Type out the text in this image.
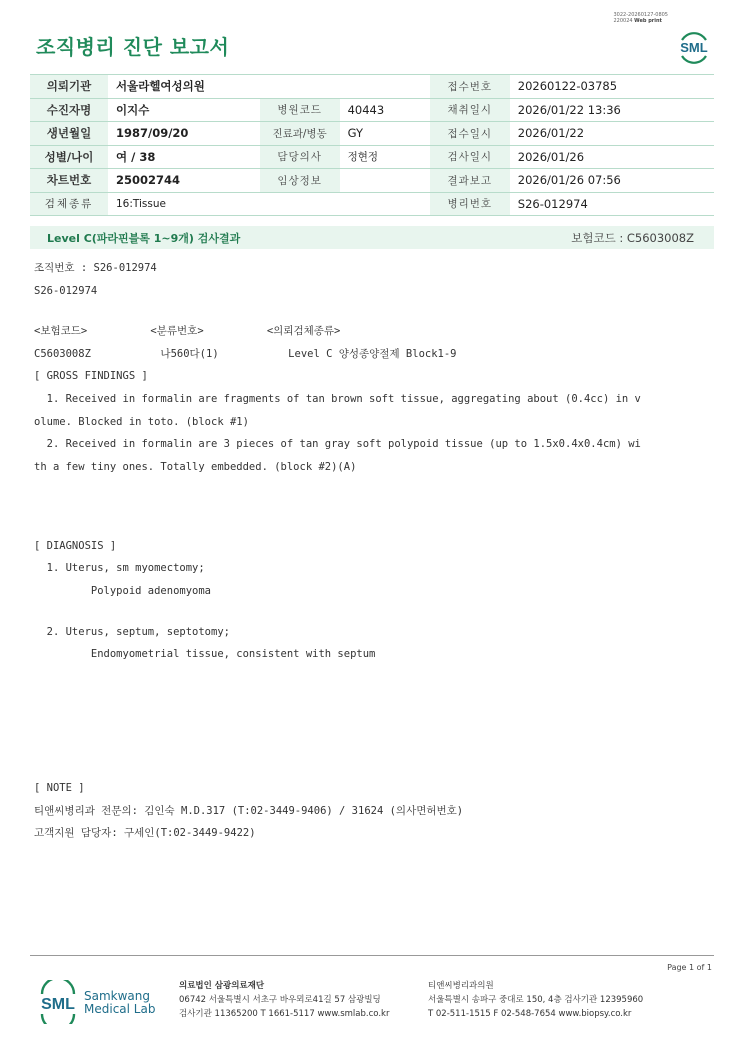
3022-20260127-0805
220024 Web print
조직병리 진단 보고서	SML
의뢰기관	서울라헬여성의원			접수번호	20260122-03785
수진자명	이지수	병원코드	40443	채취일시	2026/01/22 13:36
생년월일	1987/09/20	진료과/병동	GY	접수일시	2026/01/22
성별/나이	여 / 38	담당의사	정현정	검사일시	2026/01/26
차트번호	25002744	임상정보		결과보고	2026/01/26 07:56
검체종류	16:Tissue			병리번호	S26-012974
Level C(파라핀블록 1~9개) 검사결과	보험코드 : C5603008Z
조직번호 : S26-012974
S26-012974
<보험코드>          <분류번호>          <의뢰검체종류>
C5603008Z           나560다(1)           Level C 양성종양절제 Block1-9
[ GROSS FINDINGS ]
1. Received in formalin are fragments of tan brown soft tissue, aggregating about (0.4cc) in v
olume. Blocked in toto. (block #1)
2. Received in formalin are 3 pieces of tan gray soft polypoid tissue (up to 1.5x0.4x0.4cm) wi
th a few tiny ones. Totally embedded. (block #2)(A)
[ DIAGNOSIS ]
1. Uterus, sm myomectomy;
Polypoid adenomyoma
2. Uterus, septum, septotomy;
Endomyometrial tissue, consistent with septum
[ NOTE ]
티앤씨병리과 전문의: 김인숙 M.D.317 (T:02-3449-9406) / 31624 (의사면허번호)
고객지원 담당자: 구세인(T:02-3449-9422)
Page 1 of 1
SML Samkwang
Medical Lab
의료법인 삼광의료재단
06742 서울특별시 서초구 바우뫼로41길 57 삼광빌딩
검사기관 11365200 T 1661-5117 www.smlab.co.kr
티앤씨병리과의원
서울특별시 송파구 중대로 150, 4층 검사기관 12395960
T 02-511-1515 F 02-548-7654 www.biopsy.co.kr
